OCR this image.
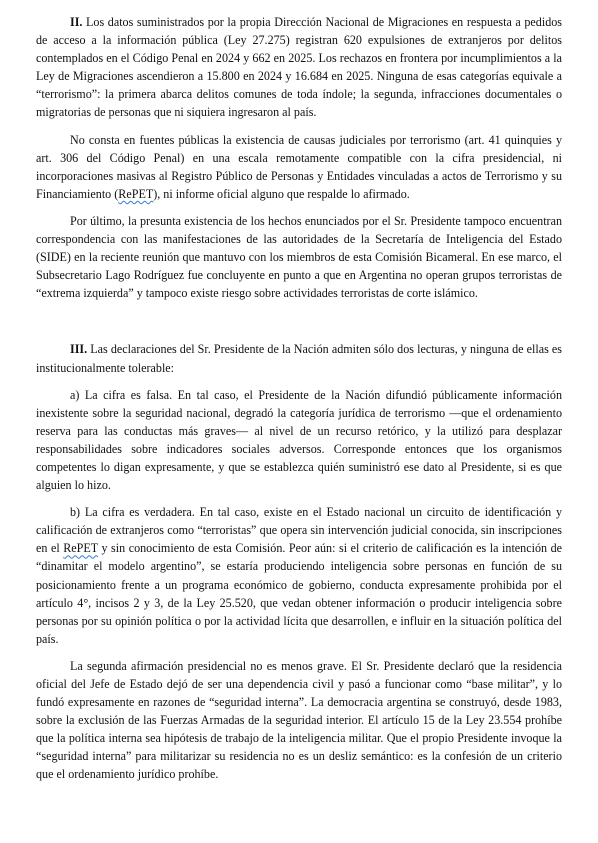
II. Los datos suministrados por la propia Dirección Nacional de Migraciones en respuesta a pedidos de acceso a la información pública (Ley 27.275) registran 620 expulsiones de extranjeros por delitos contemplados en el Código Penal en 2024 y 662 en 2025. Los rechazos en frontera por incumplimientos a la Ley de Migraciones ascendieron a 15.800 en 2024 y 16.684 en 2025. Ninguna de esas categorías equivale a “terrorismo”: la primera abarca delitos comunes de toda índole; la segunda, infracciones documentales o migratorias de personas que ni siquiera ingresaron al país.

No consta en fuentes públicas la existencia de causas judiciales por terrorismo (art. 41 quinquies y art. 306 del Código Penal) en una escala remotamente compatible con la cifra presidencial, ni incorporaciones masivas al Registro Público de Personas y Entidades vinculadas a actos de Terrorismo y su Financiamiento (RePET), ni informe oficial alguno que respalde lo afirmado.

Por último, la presunta existencia de los hechos enunciados por el Sr. Presidente tampoco encuentran correspondencia con las manifestaciones de las autoridades de la Secretaría de Inteligencia del Estado (SIDE) en la reciente reunión que mantuvo con los miembros de esta Comisión Bicameral. En ese marco, el Subsecretario Lago Rodríguez fue concluyente en punto a que en Argentina no operan grupos terroristas de “extrema izquierda” y tampoco existe riesgo sobre actividades terroristas de corte islámico.

III. Las declaraciones del Sr. Presidente de la Nación admiten sólo dos lecturas, y ninguna de ellas es institucionalmente tolerable:

a) La cifra es falsa. En tal caso, el Presidente de la Nación difundió públicamente información inexistente sobre la seguridad nacional, degradó la categoría jurídica de terrorismo —que el ordenamiento reserva para las conductas más graves— al nivel de un recurso retórico, y la utilizó para desplazar responsabilidades sobre indicadores sociales adversos. Corresponde entonces que los organismos competentes lo digan expresamente, y que se establezca quién suministró ese dato al Presidente, si es que alguien lo hizo.

b) La cifra es verdadera. En tal caso, existe en el Estado nacional un circuito de identificación y calificación de extranjeros como “terroristas” que opera sin intervención judicial conocida, sin inscripciones en el RePET y sin conocimiento de esta Comisión. Peor aún: si el criterio de calificación es la intención de “dinamitar el modelo argentino”, se estaría produciendo inteligencia sobre personas en función de su posicionamiento frente a un programa económico de gobierno, conducta expresamente prohibida por el artículo 4°, incisos 2 y 3, de la Ley 25.520, que vedan obtener información o producir inteligencia sobre personas por su opinión política o por la actividad lícita que desarrollen, e influir en la situación política del país.

La segunda afirmación presidencial no es menos grave. El Sr. Presidente declaró que la residencia oficial del Jefe de Estado dejó de ser una dependencia civil y pasó a funcionar como “base militar”, y lo fundó expresamente en razones de “seguridad interna”. La democracia argentina se construyó, desde 1983, sobre la exclusión de las Fuerzas Armadas de la seguridad interior. El artículo 15 de la Ley 23.554 prohíbe que la política interna sea hipótesis de trabajo de la inteligencia militar. Que el propio Presidente invoque la “seguridad interna” para militarizar su residencia no es un desliz semántico: es la confesión de un criterio que el ordenamiento jurídico prohíbe.
